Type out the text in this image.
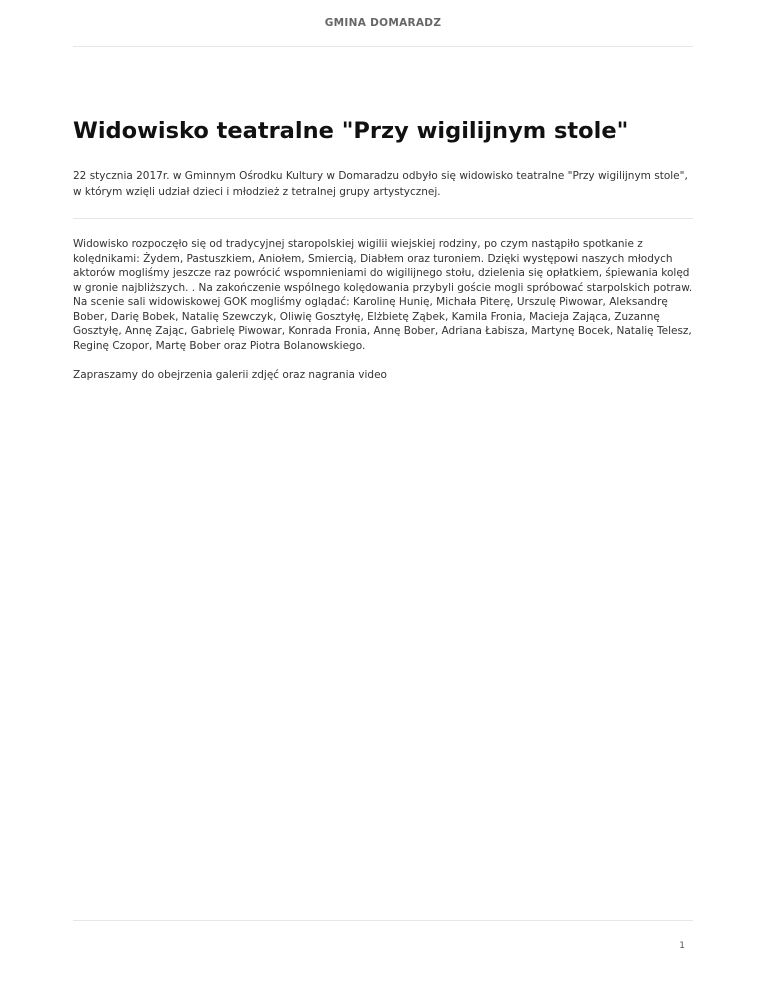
GMINA DOMARADZ
Widowisko teatralne "Przy wigilijnym stole"

22 stycznia 2017r. w Gminnym Ośrodku Kultury w Domaradzu odbyło się widowisko teatralne "Przy wigilijnym stole", w którym wzięli udział dzieci i młodzież z tetralnej grupy artystycznej.

Widowisko rozpoczęło się od tradycyjnej staropolskiej wigilii wiejskiej rodziny, po czym nastąpiło spotkanie z kolędnikami: Żydem, Pastuszkiem, Aniołem, Smiercią, Diabłem oraz turoniem. Dzięki występowi naszych młodych aktorów mogliśmy jeszcze raz powrócić wspomnieniami do wigilijnego stołu, dzielenia się opłatkiem, śpiewania kolęd w gronie najbliższych. . Na zakończenie wspólnego kolędowania przybyli goście mogli spróbować starpolskich potraw. Na scenie sali widowiskowej GOK mogliśmy oglądać: Karolinę Hunię, Michała Piterę, Urszulę Piwowar, Aleksandrę Bober, Darię Bobek, Natalię Szewczyk, Oliwię Gosztyłę, Elżbietę Ząbek, Kamila Fronia, Macieja Zająca, Zuzannę Gosztyłę, Annę Zając, Gabrielę Piwowar, Konrada Fronia, Annę Bober, Adriana Łabisza, Martynę Bocek, Natalię Telesz, Reginę Czopor, Martę Bober oraz Piotra Bolanowskiego.

Zapraszamy do obejrzenia galerii zdjęć oraz nagrania video

1
